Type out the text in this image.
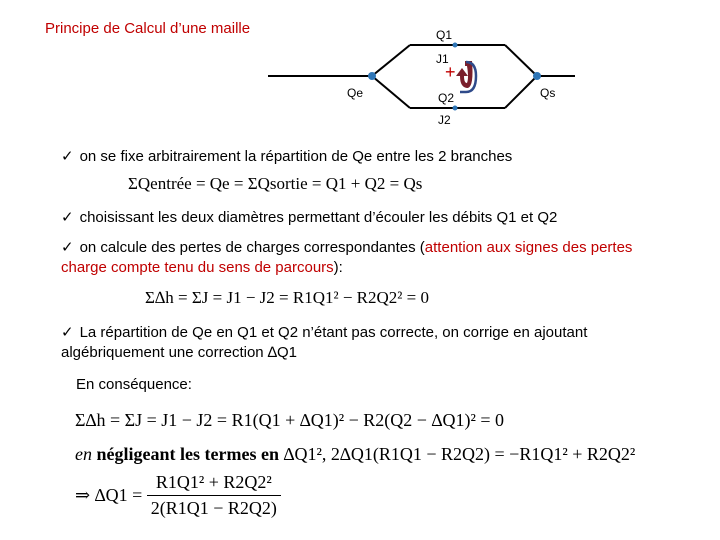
Principe de Calcul d’une maille	Q1
J1
+
Q2
J2
Qe	Qs
✓ on se fixe arbitrairement la répartition de Qe entre les 2 branches
ΣQentrée = Qe = ΣQsortie = Q1 + Q2 = Qs
✓ choisissant les deux diamètres permettant d’écouler les débits Q1 et Q2
✓ on calcule des pertes de charges correspondantes (attention aux signes des pertes charge compte tenu du sens de parcours):
Σ∆h = ΣJ = J1 − J2 = R1Q1² − R2Q2² = 0
✓ La répartition de Qe en Q1 et Q2 n’étant pas correcte, on corrige en ajoutant algébriquement une correction ∆Q1
En conséquence:
Σ∆h = ΣJ = J1 − J2 = R1(Q1 + ∆Q1)² − R2(Q2 − ∆Q1)² = 0
en négligeant les termes en ∆Q1², 2∆Q1(R1Q1 − R2Q2) = −R1Q1² + R2Q2²
⇒ $\Delta Q1 = \frac{\text{R1Q1² + R2Q2²}}{2(R1Q1 - R2Q2)}$
